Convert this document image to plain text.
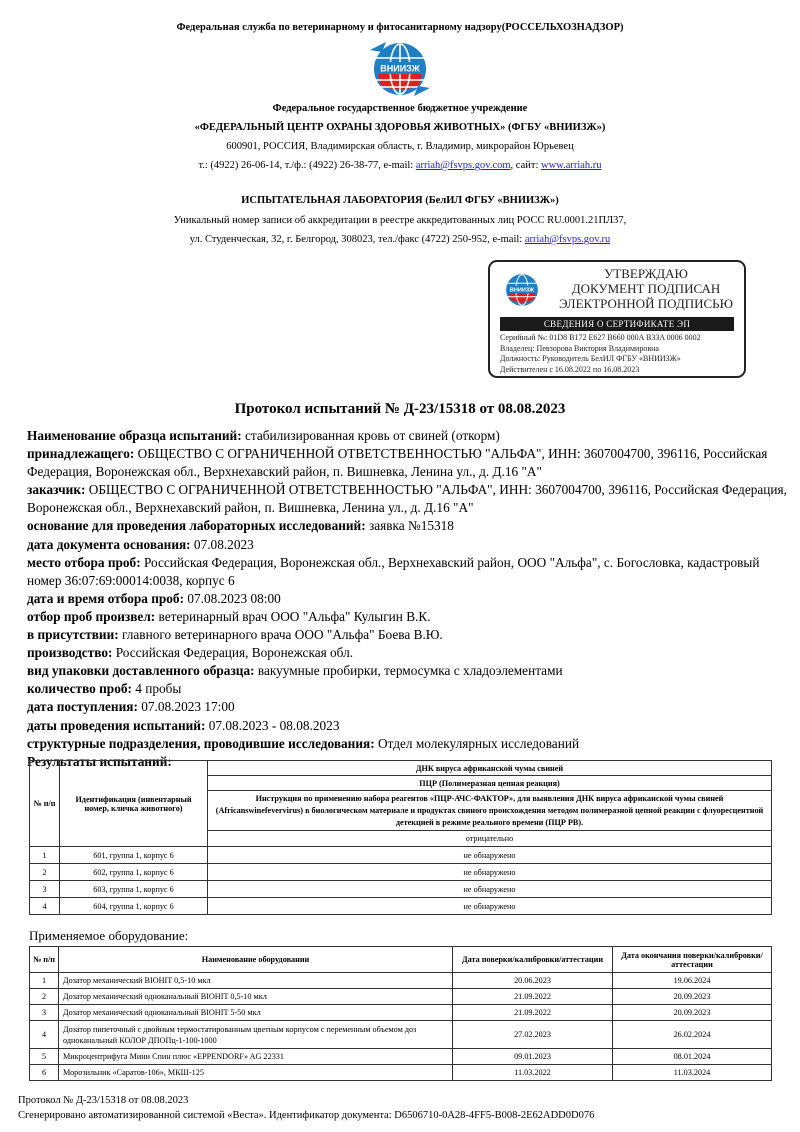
Федеральная служба по ветеринарному и фитосанитарному надзору(РОССЕЛЬХОЗНАДЗОР)
ВНИИЗЖ
Федеральное государственное бюджетное учреждение
«ФЕДЕРАЛЬНЫЙ ЦЕНТР ОХРАНЫ ЗДОРОВЬЯ ЖИВОТНЫХ» (ФГБУ «ВНИИЗЖ»)
600901, РОССИЯ, Владимирская область, г. Владимир, микрорайон Юрьевец
т.: (4922) 26-06-14, т./ф.: (4922) 26-38-77, e-mail: arriah@fsvps.gov.com, сайт: www.arriah.ru
ИСПЫТАТЕЛЬНАЯ ЛАБОРАТОРИЯ (БелИЛ ФГБУ «ВНИИЗЖ»)
Уникальный номер записи об аккредитации в реестре аккредитованных лиц РОСС RU.0001.21ПЛ37,
ул. Студенческая, 32, г. Белгород, 308023, тел./факс (4722) 250-952, e-mail: arriah@fsvps.gov.ru
ВНИИЗЖ
УТВЕРЖДАЮ
ДОКУМЕНТ ПОДПИСАН
ЭЛЕКТРОННОЙ ПОДПИСЬЮ
СВЕДЕНИЯ О СЕРТИФИКАТЕ ЭП
Серийный №: 01D8 B172 E627 B660 000A B33A 0006 0002
Владелец: Певзорова Виктория Владимировна
Должность: Руководитель БелИЛ ФГБУ «ВНИИЗЖ»
Действителен с 16.08.2022 по 16.08.2023
Протокол испытаний № Д-23/15318 от 08.08.2023
Наименование образца испытаний: стабилизированная кровь от свиней (откорм)
принадлежащего: ОБЩЕСТВО С ОГРАНИЧЕННОЙ ОТВЕТСТВЕННОСТЬЮ "АЛЬФА", ИНН: 3607004700, 396116, Российская Федерация, Воронежская обл., Верхнехавский район, п. Вишневка, Ленина ул., д. Д.16 "А"
заказчик: ОБЩЕСТВО С ОГРАНИЧЕННОЙ ОТВЕТСТВЕННОСТЬЮ "АЛЬФА", ИНН: 3607004700, 396116, Российская Федерация, Воронежская обл., Верхнехавский район, п. Вишневка, Ленина ул., д. Д.16 "А"
основание для проведения лабораторных исследований: заявка №15318
дата документа основания: 07.08.2023
место отбора проб: Российская Федерация, Воронежская обл., Верхнехавский район, ООО "Альфа", с. Богословка, кадастровый номер 36:07:69:00014:0038, корпус 6
дата и время отбора проб: 07.08.2023 08:00
отбор проб произвел: ветеринарный врач ООО "Альфа" Кулыгин В.К.
в присутствии: главного ветеринарного врача ООО "Альфа" Боева В.Ю.
производство: Российская Федерация, Воронежская обл.
вид упаковки доставленного образца: вакуумные пробирки, термосумка с хладоэлементами
количество проб: 4 пробы
дата поступления: 07.08.2023 17:00
даты проведения испытаний: 07.08.2023 - 08.08.2023
структурные подразделения, проводившие исследования: Отдел молекулярных исследований
Результаты испытаний:
№ п/п	Идентификация (инвентарный номер, кличка животного)	ДНК вируса африканской чумы свиней
		ПЦР (Полимеразная цепная реакция)
		Инструкция по применению набора реагентов «ПЦР-АЧС-ФАКТОР», для выявления ДНК вируса африканской чумы свиней (Africanswinefevervirus) в биологическом материале и продуктах свиного происхождения методом полимеразной цепной реакции с флуоресцентной детекцией в режиме реального времени (ПЦР РВ).
		отрицательно
1	601, группа 1, корпус 6	не обнаружено
2	602, группа 1, корпус 6	не обнаружено
3	603, группа 1, корпус 6	не обнаружено
4	604, группа 1, корпус 6	не обнаружено
Применяемое оборудование:
№ п/п	Наименование оборудовании	Дата поверки/калибровки/аттестации	Дата окончания поверки/калибровки/аттестации
1	Дозатор механический BIOHIT 0,5-10 мкл	20.06.2023	19.06.2024
2	Дозатор механический одноканальный BIOHIT 0,5-10 мкл	21.09.2022	20.09.2023
3	Дозатор механический одноканальный BIOHIT 5-50 мкл	21.09.2022	20.09.2023
4	Дозатор пипеточный с двойным термостатированным цветным корпусом с переменным объемом доз одноканальный КОЛОР ДПОПц-1-100-1000	27.02.2023	26.02.2024
5	Микроцентрифуга Мини Спин плюс «EPPENDORF» AG 22331	09.01.2023	08.01.2024
6	Морозильник «Саратов-106», МКШ-125	11.03.2022	11.03.2024
Протокол № Д-23/15318 от 08.08.2023
Сгенерировано автоматизированной системой «Веста». Идентификатор документа: D6506710-0A28-4FF5-B008-2E62ADD0D076
